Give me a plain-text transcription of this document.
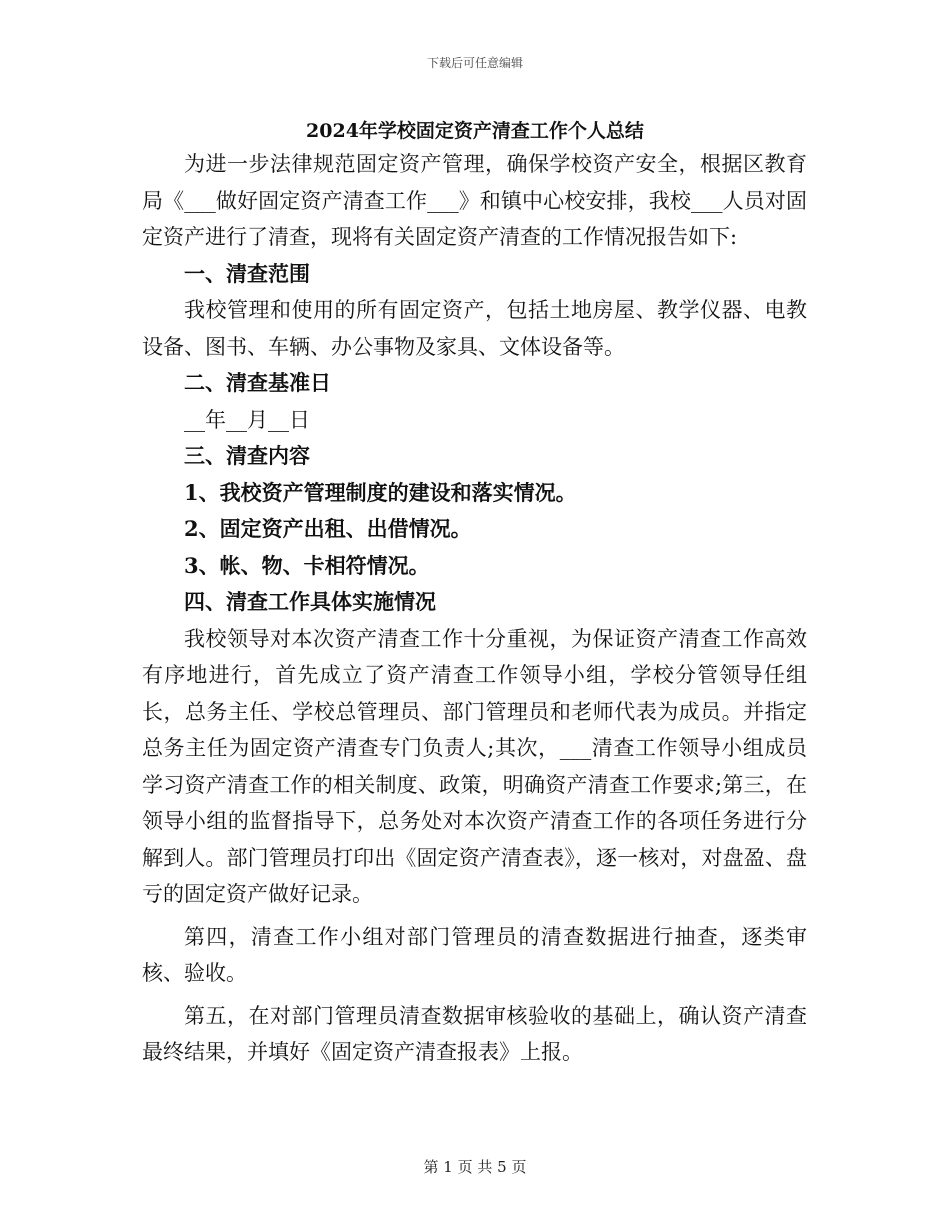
下载后可任意编辑
2024年学校固定资产清查工作个人总结

为进一步法律规范固定资产管理，确保学校资产安全，根据区教育局《___做好固定资产清查工作___》和镇中心校安排，我校___人员对固定资产进行了清查，现将有关固定资产清查的工作情况报告如下:

一、清查范围

我校管理和使用的所有固定资产，包括土地房屋、教学仪器、电教设备、图书、车辆、办公事物及家具、文体设备等。

二、清查基准日

__年__月__日

三、清查内容

1、我校资产管理制度的建设和落实情况。

2、固定资产出租、出借情况。

3、帐、物、卡相符情况。

四、清查工作具体实施情况

我校领导对本次资产清查工作十分重视，为保证资产清查工作高效有序地进行，首先成立了资产清查工作领导小组，学校分管领导任组长，总务主任、学校总管理员、部门管理员和老师代表为成员。并指定总务主任为固定资产清查专门负责人;其次，___清查工作领导小组成员学习资产清查工作的相关制度、政策，明确资产清查工作要求;第三，在领导小组的监督指导下，总务处对本次资产清查工作的各项任务进行分解到人。部门管理员打印出《固定资产清查表》，逐一核对，对盘盈、盘亏的固定资产做好记录。

第四，清查工作小组对部门管理员的清查数据进行抽查，逐类审核、验收。

第五，在对部门管理员清查数据审核验收的基础上，确认资产清查最终结果，并填好《固定资产清查报表》上报。

第 1 页 共 5 页
